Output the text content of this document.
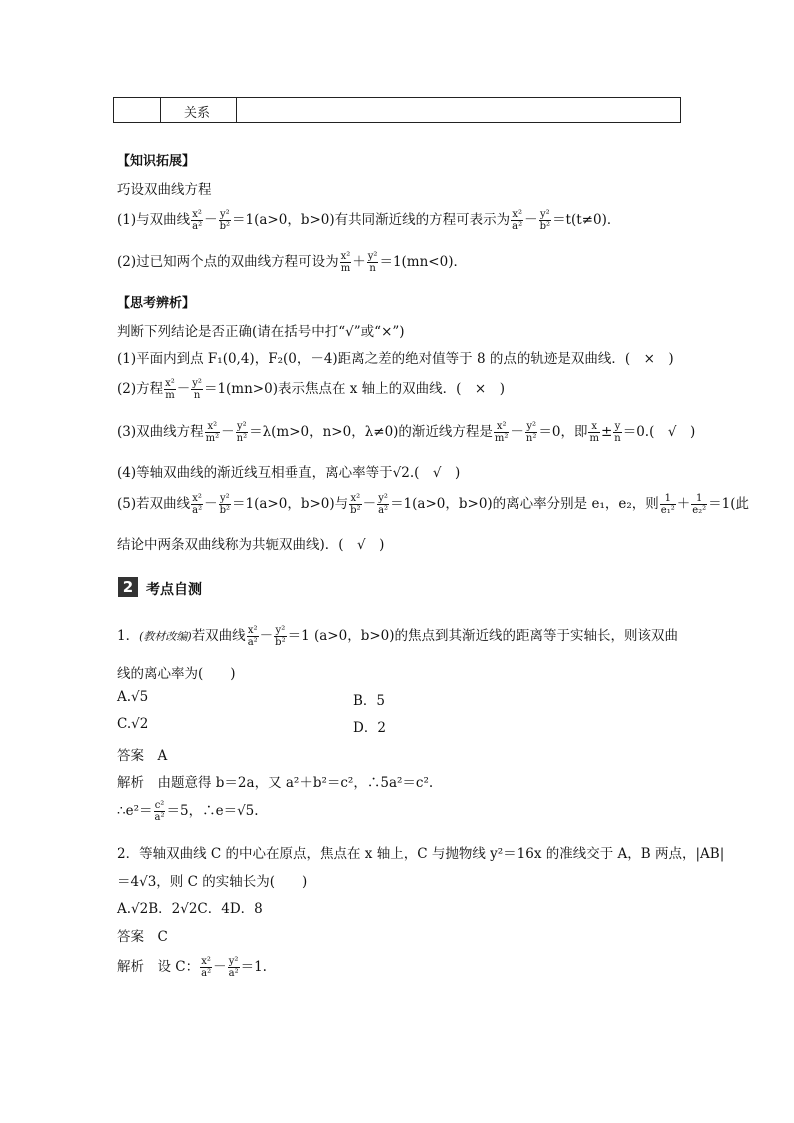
关系
【知识拓展】
巧设双曲线方程
(1)与双曲线 $\frac{\text{x²}}{\text{a²}} - \frac{\text{y²}}{\text{b²}} =1(a>0$，b>0)有共同渐近线的方程可表示为 $\frac{\text{x²}}{\text{a²}} - \frac{\text{y²}}{\text{b²}} =t(t\ne 0)$．
(2)过已知两个点的双曲线方程可设为 $\frac{\text{x²}}{m} + \frac{\text{y²}}{n} =1(mn<0)$．
【思考辨析】
判断下列结论是否正确(请在括号中打“√”或“×”)
(1)平面内到点 F₁(0,4)，F₂(0，－4)距离之差的绝对值等于 8 的点的轨迹是双曲线．(　×　)
(2)方程 $\frac{\text{x²}}{m} - \frac{\text{y²}}{n} =1(mn>0)$表示焦点在 x 轴上的双曲线．(　×　)
(3)双曲线方程 $\frac{\text{x²}}{\text{m²}} - \frac{\text{y²}}{\text{n²}} =\lambda(m>0$，n>0，λ≠0)的渐近线方程是 $\frac{\text{x²}}{\text{m²}} - \frac{\text{y²}}{\text{n²}} =0$，即 $\frac{x}{m} \pm \frac{y}{n} =0$.(　√　)
(4)等轴双曲线的渐近线互相垂直，离心率等于√2.(　√　)
(5)若双曲线 $\frac{\text{x²}}{\text{a²}} - \frac{\text{y²}}{\text{b²}} =1(a>0$，b>0)与 $\frac{\text{x²}}{\text{b²}} - \frac{\text{y²}}{\text{a²}} =1(a>0$，b>0)的离心率分别是 e₁，e₂，则 $\frac{1}{\text{e₁²}} + \frac{1}{\text{e₂²}} =1$(此
结论中两条双曲线称为共轭双曲线)．(　√　)
2 考点自测
1．(教材改编)若双曲线 $\frac{\text{x²}}{\text{a²}} - \frac{\text{y²}}{\text{b²}} =1$ (a>0，b>0)的焦点到其渐近线的距离等于实轴长，则该双曲
线的离心率为(　　)
A.√5	B．5
C.√2	D．2
答案　A
解析　由题意得 b＝2a，又 a²＋b²＝c²，∴5a²＝c².
∴e²＝ $\frac{\text{c²}}{\text{a²}} =5$，∴e＝√5.
2．等轴双曲线 C 的中心在原点，焦点在 x 轴上，C 与抛物线 y²＝16x 的准线交于 A，B 两点，|AB|
＝4√3，则 C 的实轴长为(　　)
A.√2B．2√2C．4D．8
答案　C
解析　设 C： $\frac{\text{x²}}{\text{a²}} - \frac{\text{y²}}{\text{a²}} =1$.
